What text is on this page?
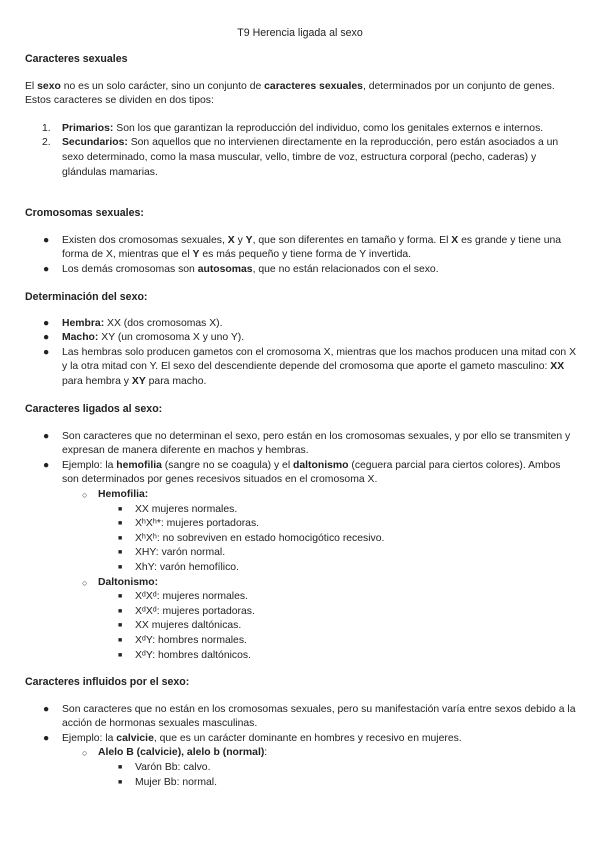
T9 Herencia ligada al sexo

Caracteres sexuales

El sexo no es un solo carácter, sino un conjunto de caracteres sexuales, determinados por un conjunto de genes. Estos caracteres se dividen en dos tipos:

1. Primarios: Son los que garantizan la reproducción del individuo, como los genitales externos e internos.
2. Secundarios: Son aquellos que no intervienen directamente en la reproducción, pero están asociados a un sexo determinado, como la masa muscular, vello, timbre de voz, estructura corporal (pecho, caderas) y glándulas mamarias.

Cromosomas sexuales:

● Existen dos cromosomas sexuales, X y Y, que son diferentes en tamaño y forma. El X es grande y tiene una forma de X, mientras que el Y es más pequeño y tiene forma de Y invertida.
● Los demás cromosomas son autosomas, que no están relacionados con el sexo.

Determinación del sexo:

● Hembra: XX (dos cromosomas X).
● Macho: XY (un cromosoma X y uno Y).
● Las hembras solo producen gametos con el cromosoma X, mientras que los machos producen una mitad con X y la otra mitad con Y. El sexo del descendiente depende del cromosoma que aporte el gameto masculino: XX para hembra y XY para macho.

Caracteres ligados al sexo:

● Son caracteres que no determinan el sexo, pero están en los cromosomas sexuales, y por ello se transmiten y expresan de manera diferente en machos y hembras.
● Ejemplo: la hemofilia (sangre no se coagula) y el daltonismo (ceguera parcial para ciertos colores). Ambos son determinados por genes recesivos situados en el cromosoma X.
○ Hemofilia:
■ XX mujeres normales.
■ XʰXʰ*: mujeres portadoras.
■ XʰXʰ: no sobreviven en estado homocigótico recesivo.
■ XHY: varón normal.
■ XhY: varón hemofílico.
○ Daltonismo:
■ XᵈXᵈ: mujeres normales.
■ XᵈXᵈ: mujeres portadoras.
■ XX mujeres daltónicas.
■ XᵈY: hombres normales.
■ XᵈY: hombres daltónicos.

Caracteres influidos por el sexo:

● Son caracteres que no están en los cromosomas sexuales, pero su manifestación varía entre sexos debido a la acción de hormonas sexuales masculinas.
● Ejemplo: la calvicie, que es un carácter dominante en hombres y recesivo en mujeres.
○ Alelo B (calvicie), alelo b (normal):
■ Varón Bb: calvo.
■ Mujer Bb: normal.
